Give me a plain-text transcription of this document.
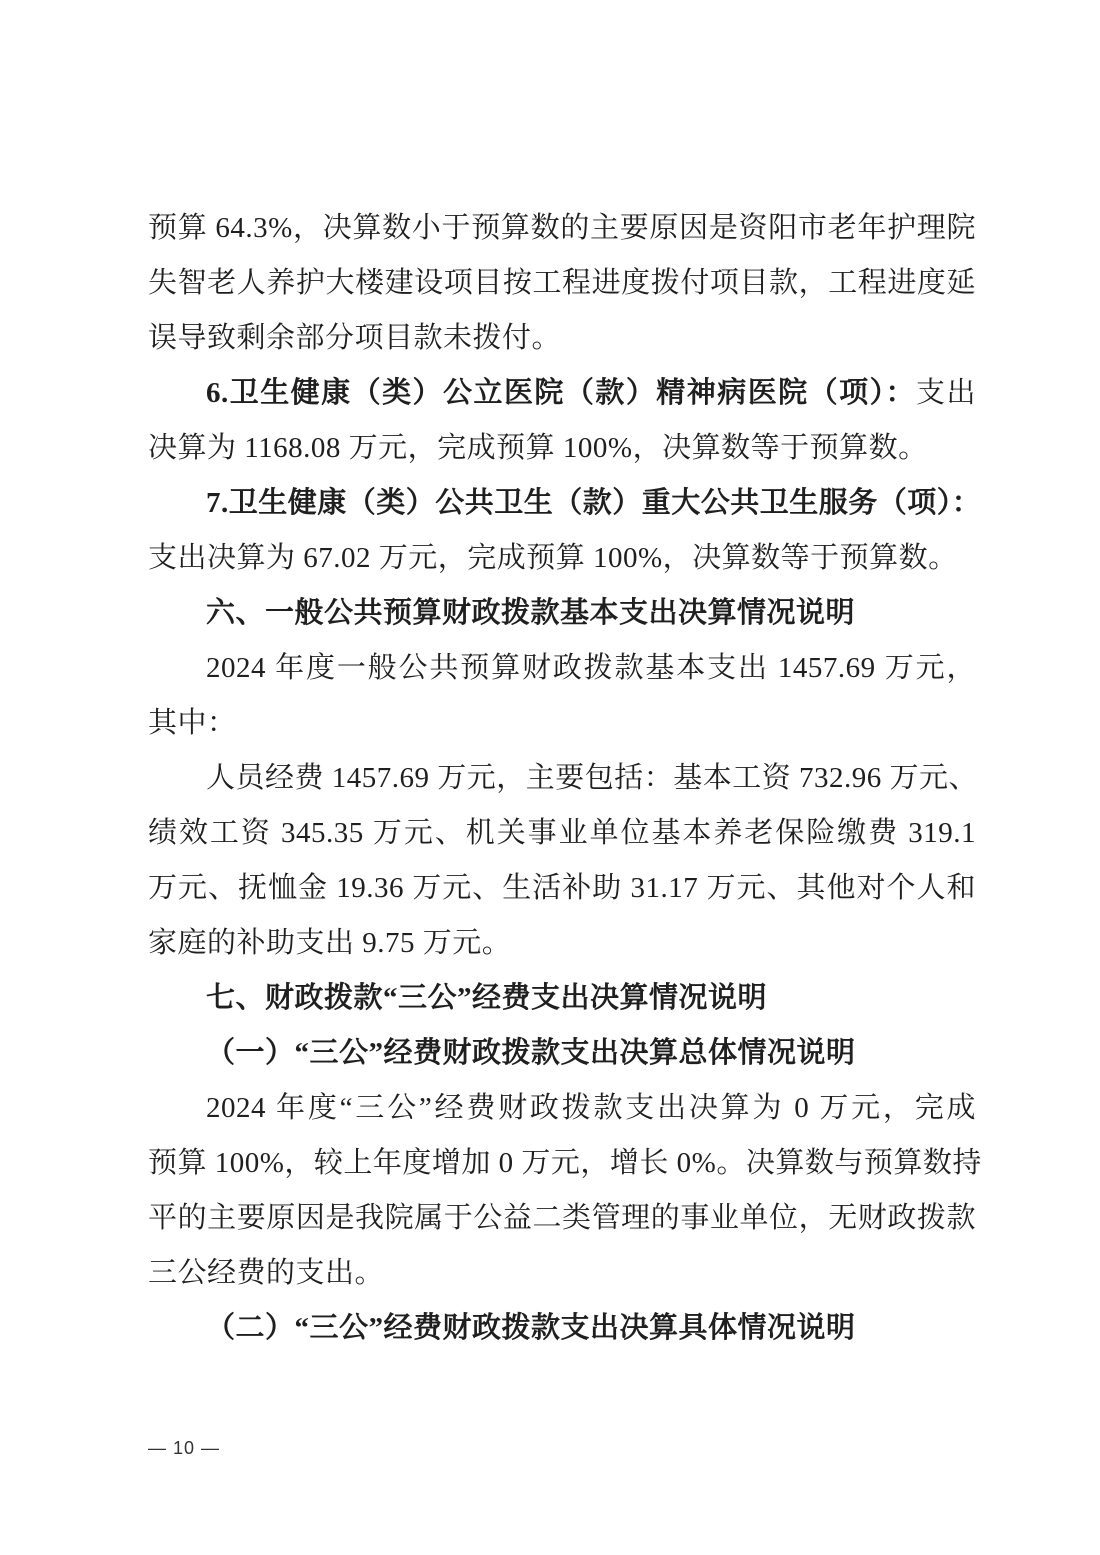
预算 64.3%，决算数小于预算数的主要原因是资阳市老年护理院
失智老人养护大楼建设项目按工程进度拨付项目款，工程进度延
误导致剩余部分项目款未拨付。
6.卫生健康（类）公立医院（款）精神病医院（项）：支出
决算为 1168.08 万元，完成预算 100%，决算数等于预算数。
7.卫生健康（类）公共卫生（款）重大公共卫生服务（项）：
支出决算为 67.02 万元，完成预算 100%，决算数等于预算数。
六、一般公共预算财政拨款基本支出决算情况说明
2024 年度一般公共预算财政拨款基本支出 1457.69 万元，
其中：
人员经费 1457.69 万元，主要包括：基本工资 732.96 万元、
绩效工资 345.35 万元、机关事业单位基本养老保险缴费 319.1
万元、抚恤金 19.36 万元、生活补助 31.17 万元、其他对个人和
家庭的补助支出 9.75 万元。
七、财政拨款“三公”经费支出决算情况说明
（一）“三公”经费财政拨款支出决算总体情况说明
2024 年度“三公”经费财政拨款支出决算为 0 万元，完成
预算 100%，较上年度增加 0 万元，增长 0%。决算数与预算数持
平的主要原因是我院属于公益二类管理的事业单位，无财政拨款
三公经费的支出。
（二）“三公”经费财政拨款支出决算具体情况说明
— 10 —
